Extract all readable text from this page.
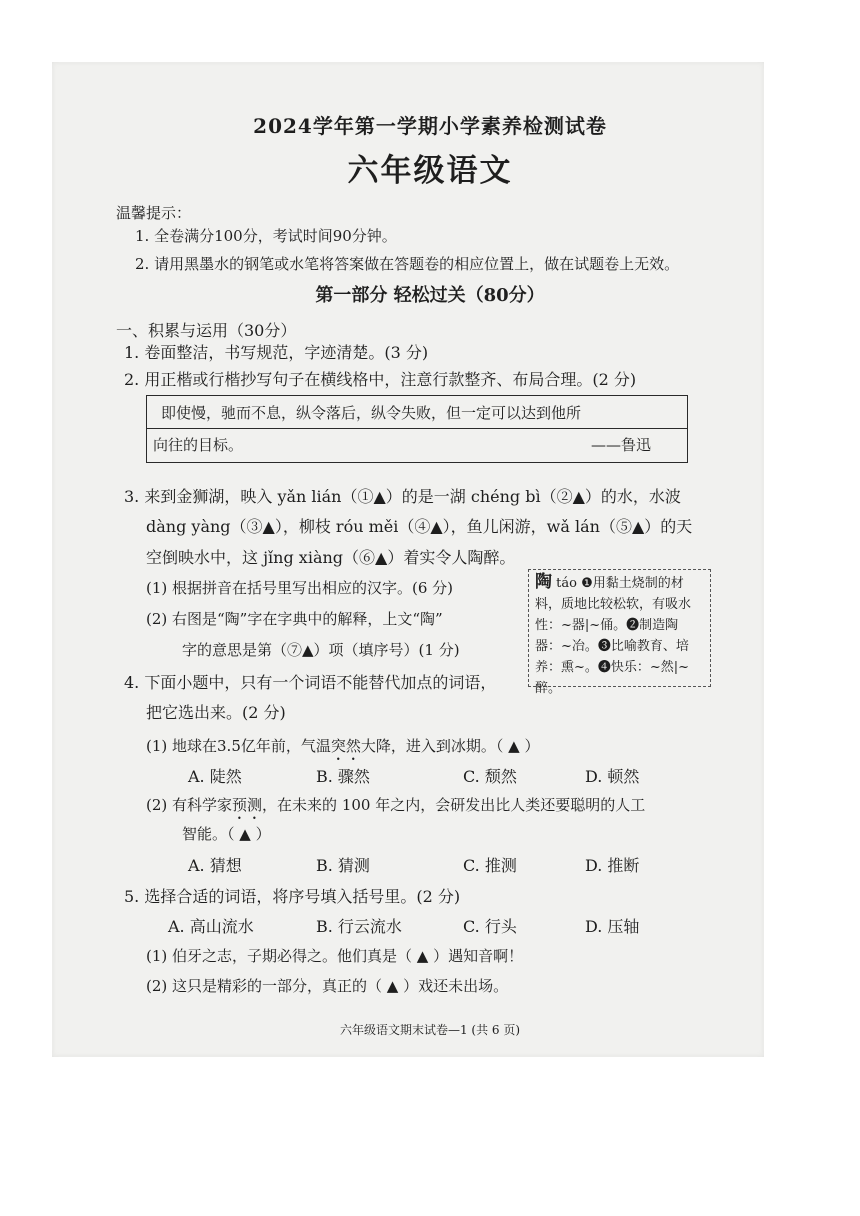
2024学年第一学期小学素养检测试卷
六年级语文
温馨提示：
1. 全卷满分100分，考试时间90分钟。
2. 请用黑墨水的钢笔或水笔将答案做在答题卷的相应位置上，做在试题卷上无效。
第一部分 轻松过关（80分）
一、积累与运用（30分）
1. 卷面整洁，书写规范，字迹清楚。(3 分)
2. 用正楷或行楷抄写句子在横线格中，注意行款整齐、布局合理。(2 分)
即使慢，驰而不息，纵令落后，纵令失败，但一定可以达到他所
向往的目标。	——鲁迅
3. 来到金狮湖，映入 yǎn lián（①▲）的是一湖 chéng bì（②▲）的水，水波
dàng yàng（③▲），柳枝 róu měi（④▲），鱼儿闲游，wǎ lán（⑤▲）的天
空倒映水中，这 jǐng xiàng（⑥▲）着实令人陶醉。
(1) 根据拼音在括号里写出相应的汉字。(6 分)
(2) 右图是“陶”字在字典中的解释，上文“陶”
字的意思是第（⑦▲）项（填序号）(1 分)
陶 táo ❶用黏土烧制的材料，质地比较松软，有吸水性：~器|~俑。❷制造陶器：~冶。❸比喻教育、培养：熏~。❹快乐：~然|~醉。
4. 下面小题中，只有一个词语不能替代加点的词语，
把它选出来。(2 分)
(1) 地球在3.5亿年前，气温突然大降，进入到冰期。（ ▲ ）
A. 陡然	B. 骤然	C. 颓然	D. 顿然
(2) 有科学家预测，在未来的 100 年之内，会研发出比人类还要聪明的人工
智能。（ ▲ ）
A. 猜想	B. 猜测	C. 推测	D. 推断
5. 选择合适的词语，将序号填入括号里。(2 分)
A. 高山流水	B. 行云流水	C. 行头	D. 压轴
(1) 伯牙之志，子期必得之。他们真是（ ▲ ）遇知音啊！
(2) 这只是精彩的一部分，真正的（ ▲ ）戏还未出场。
六年级语文期末试卷—1 (共 6 页)
